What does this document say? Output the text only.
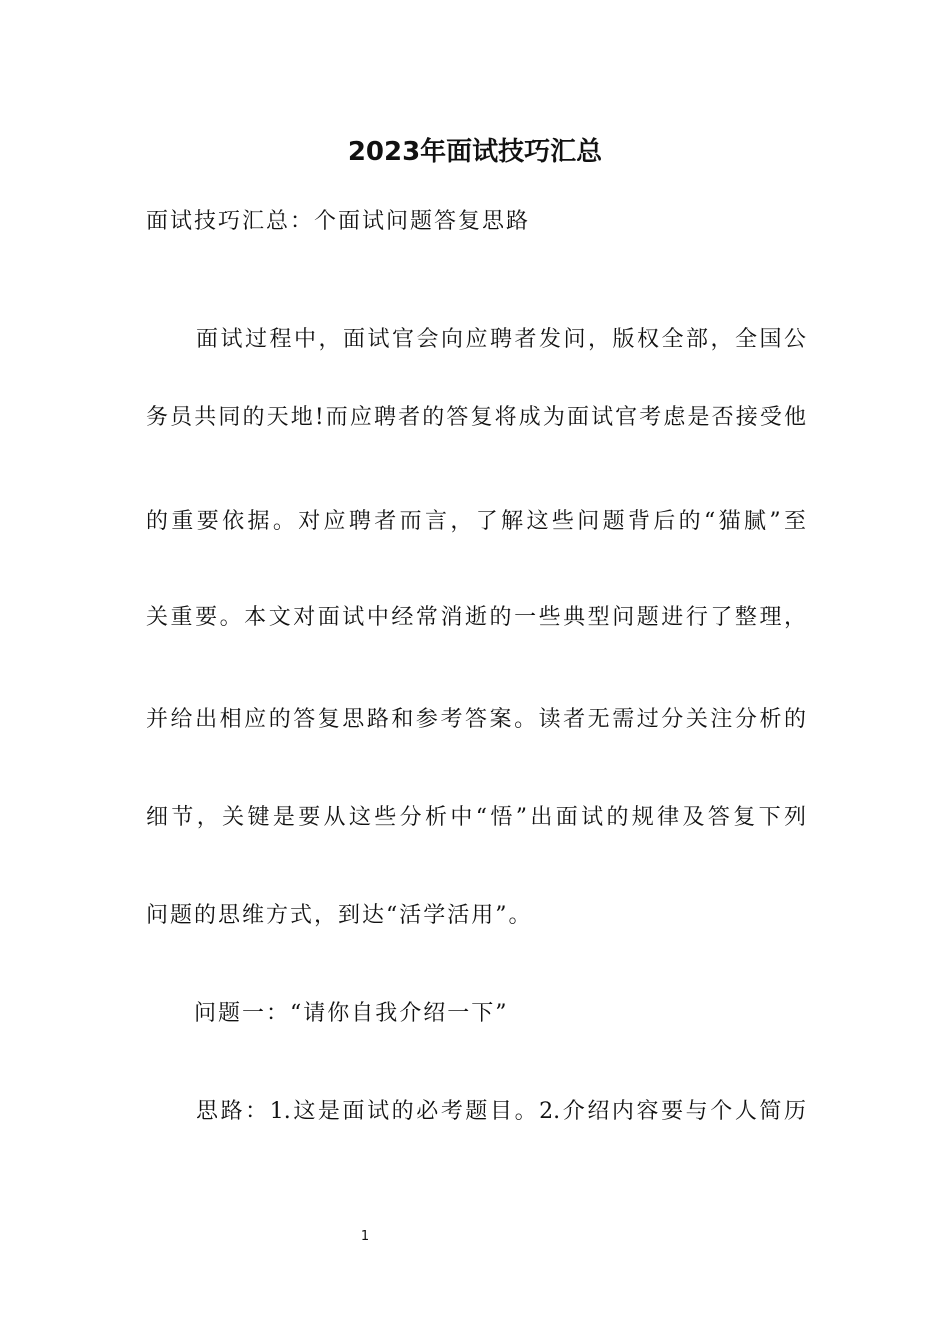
2023年面试技巧汇总
面试技巧汇总：个面试问题答复思路
面试过程中，面试官会向应聘者发问，版权全部，全国公
务员共同的天地!而应聘者的答复将成为面试官考虑是否接受他
的重要依据。对应聘者而言，了解这些问题背后的“猫腻”至
关重要。本文对面试中经常消逝的一些典型问题进行了整理，
并给出相应的答复思路和参考答案。读者无需过分关注分析的
细节，关键是要从这些分析中“悟”出面试的规律及答复下列
问题的思维方式，到达“活学活用”。
问题一：“请你自我介绍一下”
思路：1.这是面试的必考题目。2.介绍内容要与个人简历
1
